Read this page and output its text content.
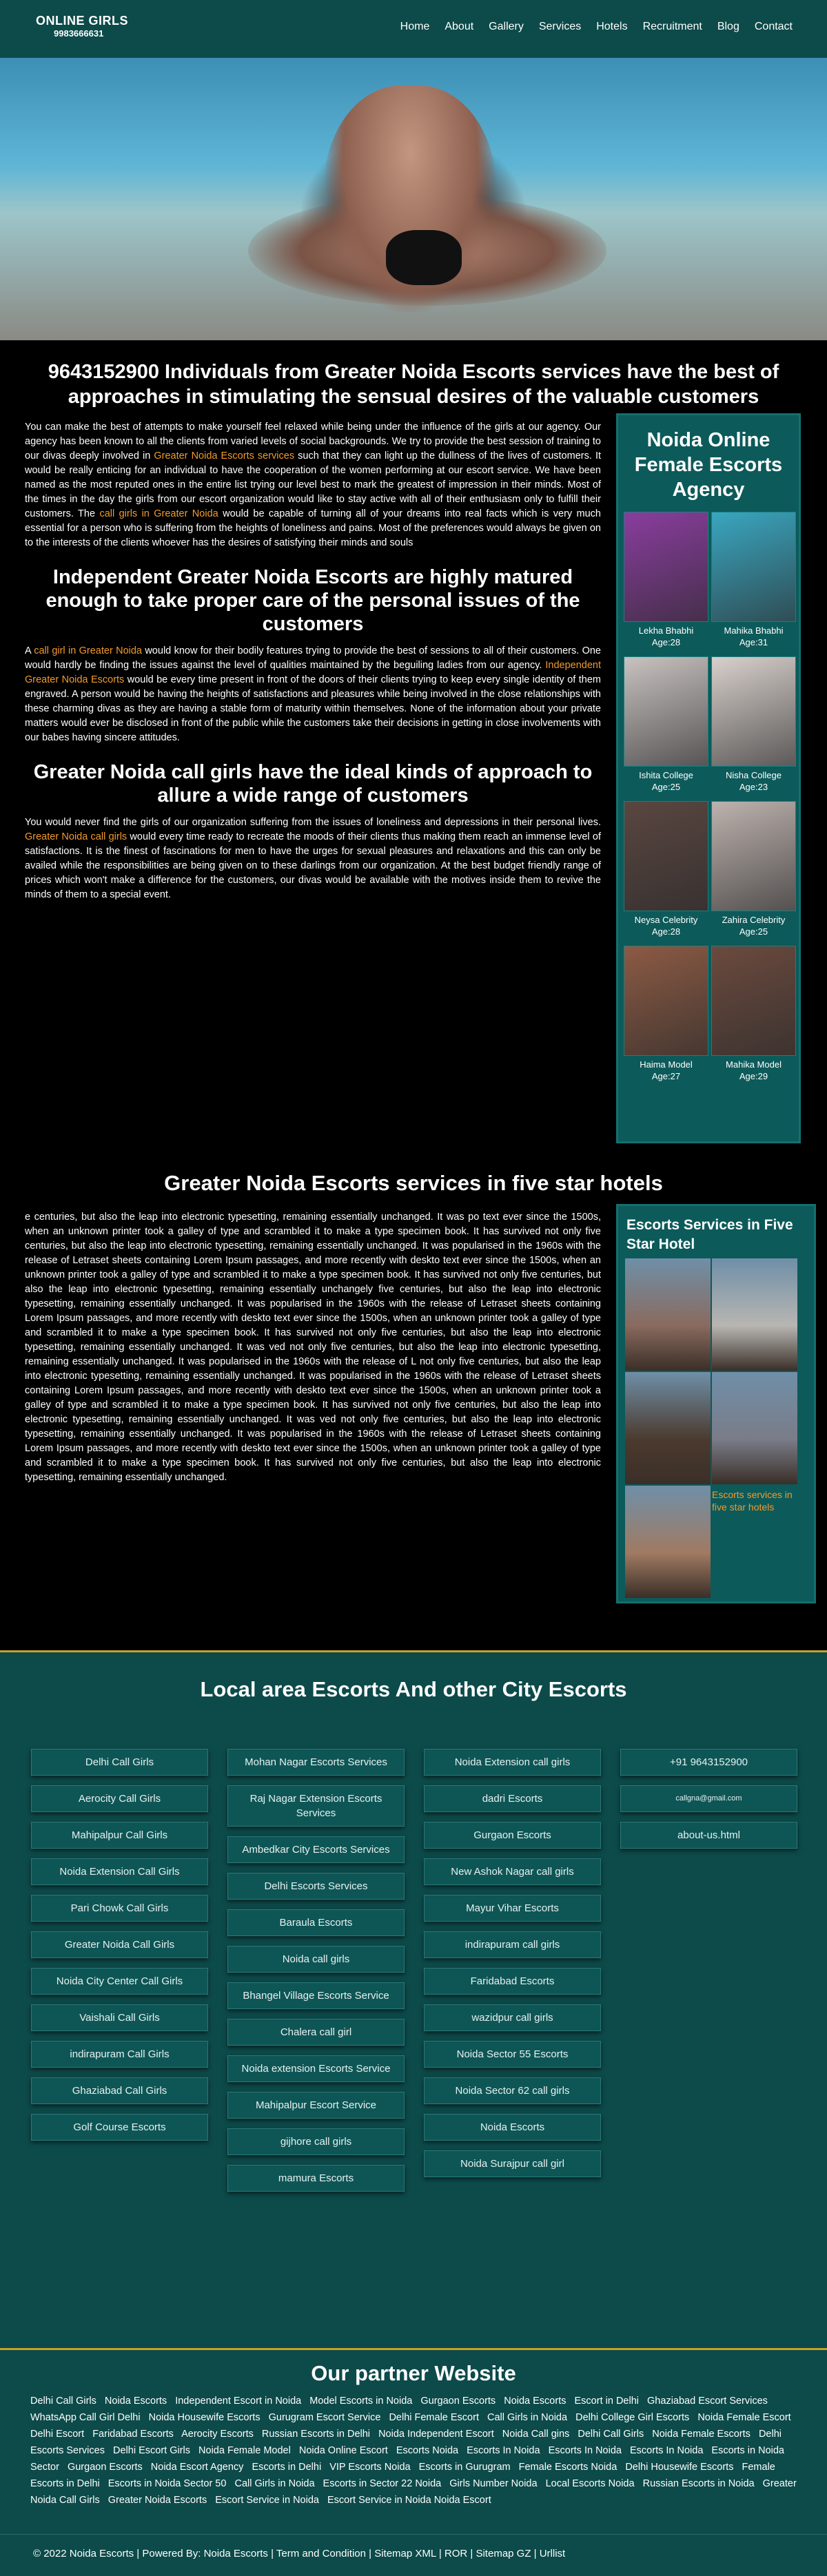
ONLINE GIRLS
9983666631
Home About Gallery Services Hotels Recruitment Blog Contact
9643152900 Individuals from Greater Noida Escorts services have the best of approaches in stimulating the sensual desires of the valuable customers

You can make the best of attempts to make yourself feel relaxed while being under the influence of the girls at our agency. Our agency has been known to all the clients from varied levels of social backgrounds. We try to provide the best session of training to our divas deeply involved in Greater Noida Escorts services such that they can light up the dullness of the lives of customers. It would be really enticing for an individual to have the cooperation of the women performing at our escort service. We have been named as the most reputed ones in the entire list trying our level best to mark the greatest of impression in their minds. Most of the times in the day the girls from our escort organization would like to stay active with all of their enthusiasm only to fulfill their customers. The call girls in Greater Noida would be capable of turning all of your dreams into real facts which is very much essential for a person who is suffering from the heights of loneliness and pains. Most of the preferences would always be given on to the interests of the clients whoever has the desires of satisfying their minds and souls

Independent Greater Noida Escorts are highly matured enough to take proper care of the personal issues of the customers

A call girl in Greater Noida would know for their bodily features trying to provide the best of sessions to all of their customers. One would hardly be finding the issues against the level of qualities maintained by the beguiling ladies from our agency. Independent Greater Noida Escorts would be every time present in front of the doors of their clients trying to keep every single identity of them engraved. A person would be having the heights of satisfactions and pleasures while being involved in the close relationships with these charming divas as they are having a stable form of maturity within themselves. None of the information about your private matters would ever be disclosed in front of the public while the customers take their decisions in getting in close involvements with our babes having sincere attitudes.

Greater Noida call girls have the ideal kinds of approach to allure a wide range of customers

You would never find the girls of our organization suffering from the issues of loneliness and depressions in their personal lives. Greater Noida call girls would every time ready to recreate the moods of their clients thus making them reach an immense level of satisfactions. It is the finest of fascinations for men to have the urges for sexual pleasures and relaxations and this can only be availed while the responsibilities are being given on to these darlings from our organization. At the best budget friendly range of prices which won't make a difference for the customers, our divas would be available with the motives inside them to revive the minds of them to a special event.

Noida Online Female Escorts Agency
Lekha Bhabhi
Age:28
Mahika Bhabhi
Age:31
Ishita College
Age:25
Nisha College
Age:23
Neysa Celebrity
Age:28
Zahira Celebrity
Age:25
Haima Model
Age:27
Mahika Model
Age:29
Greater Noida Escorts services in five star hotels

e centuries, but also the leap into electronic typesetting, remaining essentially unchanged. It was po text ever since the 1500s, when an unknown printer took a galley of type and scrambled it to make a type specimen book. It has survived not only five centuries, but also the leap into electronic typesetting, remaining essentially unchanged. It was popularised in the 1960s with the release of Letraset sheets containing Lorem Ipsum passages, and more recently with deskto text ever since the 1500s, when an unknown printer took a galley of type and scrambled it to make a type specimen book. It has survived not only five centuries, but also the leap into electronic typesetting, remaining essentially unchangely five centuries, but also the leap into electronic typesetting, remaining essentially unchanged. It was popularised in the 1960s with the release of Letraset sheets containing Lorem Ipsum passages, and more recently with deskto text ever since the 1500s, when an unknown printer took a galley of type and scrambled it to make a type specimen book. It has survived not only five centuries, but also the leap into electronic typesetting, remaining essentially unchanged. It was ved not only five centuries, but also the leap into electronic typesetting, remaining essentially unchanged. It was popularised in the 1960s with the release of L not only five centuries, but also the leap into electronic typesetting, remaining essentially unchanged. It was popularised in the 1960s with the release of Letraset sheets containing Lorem Ipsum passages, and more recently with deskto text ever since the 1500s, when an unknown printer took a galley of type and scrambled it to make a type specimen book. It has survived not only five centuries, but also the leap into electronic typesetting, remaining essentially unchanged. It was ved not only five centuries, but also the leap into electronic typesetting, remaining essentially unchanged. It was popularised in the 1960s with the release of Letraset sheets containing Lorem Ipsum passages, and more recently with deskto text ever since the 1500s, when an unknown printer took a galley of type and scrambled it to make a type specimen book. It has survived not only five centuries, but also the leap into electronic typesetting, remaining essentially unchanged.

Escorts Services in Five Star Hotel
Escorts services in five star hotels
Local area Escorts And other City Escorts
Delhi Call Girls
Aerocity Call Girls
Mahipalpur Call Girls
Noida Extension Call Girls
Pari Chowk Call Girls
Greater Noida Call Girls
Noida City Center Call Girls
Vaishali Call Girls
indirapuram Call Girls
Ghaziabad Call Girls
Golf Course Escorts
Mohan Nagar Escorts Services
Raj Nagar Extension Escorts Services
Ambedkar City Escorts Services
Delhi Escorts Services
Baraula Escorts
Noida call girls
Bhangel Village Escorts Service
Chalera call girl
Noida extension Escorts Service
Mahipalpur Escort Service
gijhore call girls
mamura Escorts
Noida Extension call girls
dadri Escorts
Gurgaon Escorts
New Ashok Nagar call girls
Mayur Vihar Escorts
indirapuram call girls
Faridabad Escorts
wazidpur call girls
Noida Sector 55 Escorts
Noida Sector 62 call girls
Noida Escorts
Noida Surajpur call girl
+91 9643152900
callgna@gmail.com
about-us.html
Our partner Website
Delhi Call Girls Noida Escorts Independent Escort in Noida Model Escorts in Noida Gurgaon Escorts Noida Escorts Escort in Delhi Ghaziabad Escort Services WhatsApp Call Girl Delhi Noida Housewife Escorts Gurugram Escort Service Delhi Female Escort Call Girls in Noida Delhi College Girl Escorts Noida Female Escort Delhi Escort Faridabad Escorts Aerocity Escorts Russian Escorts in Delhi Noida Independent Escort Noida Call gins Delhi Call Girls Noida Female Escorts Delhi Escorts Services Delhi Escort Girls Noida Female Model Noida Online Escort Escorts Noida Escorts In Noida Escorts In Noida Escorts In Noida Escorts in Noida Sector Gurgaon Escorts Noida Escort Agency Escorts in Delhi VIP Escorts Noida Escorts in Gurugram Female Escorts Noida Delhi Housewife Escorts Female Escorts in Delhi Escorts in Noida Sector 50 Call Girls in Noida Escorts in Sector 22 Noida Girls Number Noida Local Escorts Noida Russian Escorts in Noida Greater Noida Call Girls Greater Noida Escorts Escort Service in Noida Escort Service in Noida Noida Escort
© 2022 Noida Escorts | Powered By: Noida Escorts | Term and Condition | Sitemap XML | ROR | Sitemap GZ | Urllist
